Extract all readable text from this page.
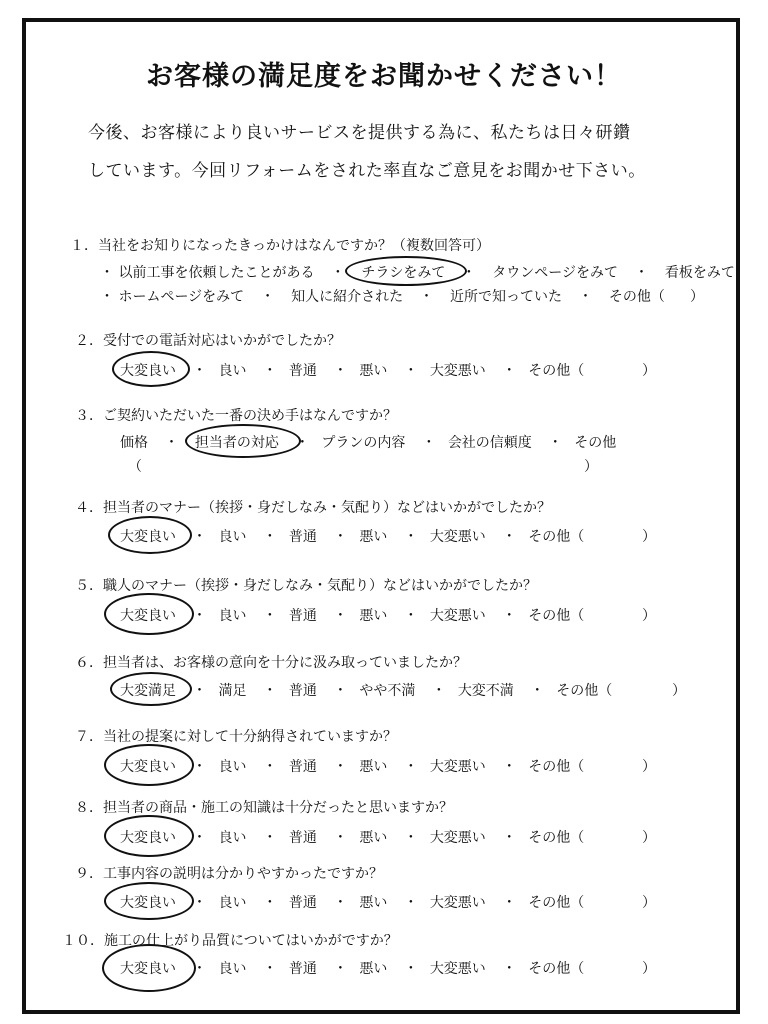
お客様の満足度をお聞かせください！
今後、お客様により良いサービスを提供する為に、私たちは日々研鑽
しています。今回リフォームをされた率直なご意見をお聞かせ下さい。
１．当社をお知りになったきっかけはなんですか？（複数回答可）
・ 以前工事を依頼したことがある ・ チラシをみて ・ タウンページをみて ・ 看板をみて
・ ホームページをみて ・ 知人に紹介された ・ 近所で知っていた ・ その他（ ）
２．受付での電話対応はいかがでしたか？
大変良い ・ 良い ・ 普通 ・ 悪い ・ 大変悪い ・ その他（	）
３．ご契約いただいた一番の決め手はなんですか？
価格 ・ 担当者の対応 ・ プランの内容 ・ 会社の信頼度 ・ その他
（	）
４．担当者のマナー（挨拶・身だしなみ・気配り）などはいかがでしたか？
大変良い ・ 良い ・ 普通 ・ 悪い ・ 大変悪い ・ その他（	）
５．職人のマナー（挨拶・身だしなみ・気配り）などはいかがでしたか？
大変良い ・ 良い ・ 普通 ・ 悪い ・ 大変悪い ・ その他（	）
６．担当者は、お客様の意向を十分に汲み取っていましたか？
大変満足 ・ 満足 ・ 普通 ・ やや不満 ・ 大変不満 ・ その他（	）
７．当社の提案に対して十分納得されていますか？
大変良い ・ 良い ・ 普通 ・ 悪い ・ 大変悪い ・ その他（	）
８．担当者の商品・施工の知識は十分だったと思いますか？
大変良い ・ 良い ・ 普通 ・ 悪い ・ 大変悪い ・ その他（	）
９．工事内容の説明は分かりやすかったですか？
大変良い ・ 良い ・ 普通 ・ 悪い ・ 大変悪い ・ その他（	）
１０．施工の仕上がり品質についてはいかがですか？
大変良い ・ 良い ・ 普通 ・ 悪い ・ 大変悪い ・ その他（	）
